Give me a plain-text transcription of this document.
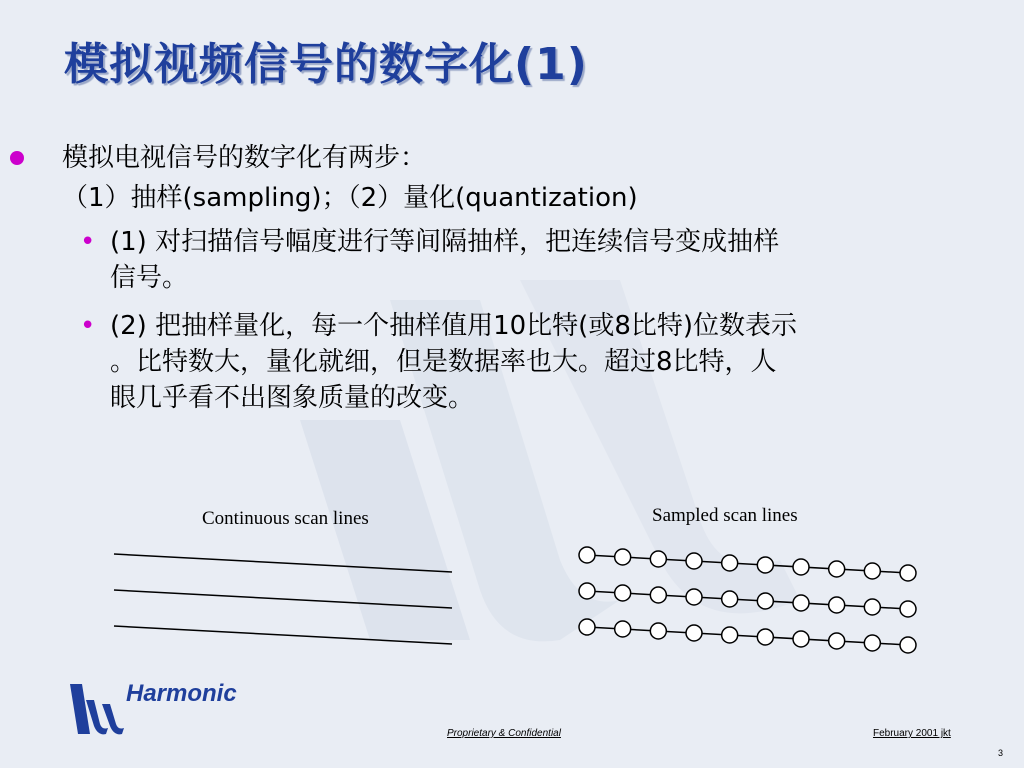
模拟视频信号的数字化(1)
模拟电视信号的数字化有两步：
（1）抽样(sampling)；（2）量化(quantization)
• (1) 对扫描信号幅度进行等间隔抽样，把连续信号变成抽样
信号。
• (2) 把抽样量化，每一个抽样值用10比特(或8比特)位数表示
。比特数大，量化就细，但是数据率也大。超过8比特，人
眼几乎看不出图象质量的改变。
Continuous scan lines	Sampled scan lines
Harmonic
Proprietary & Confidential	February 2001 jkt
3
